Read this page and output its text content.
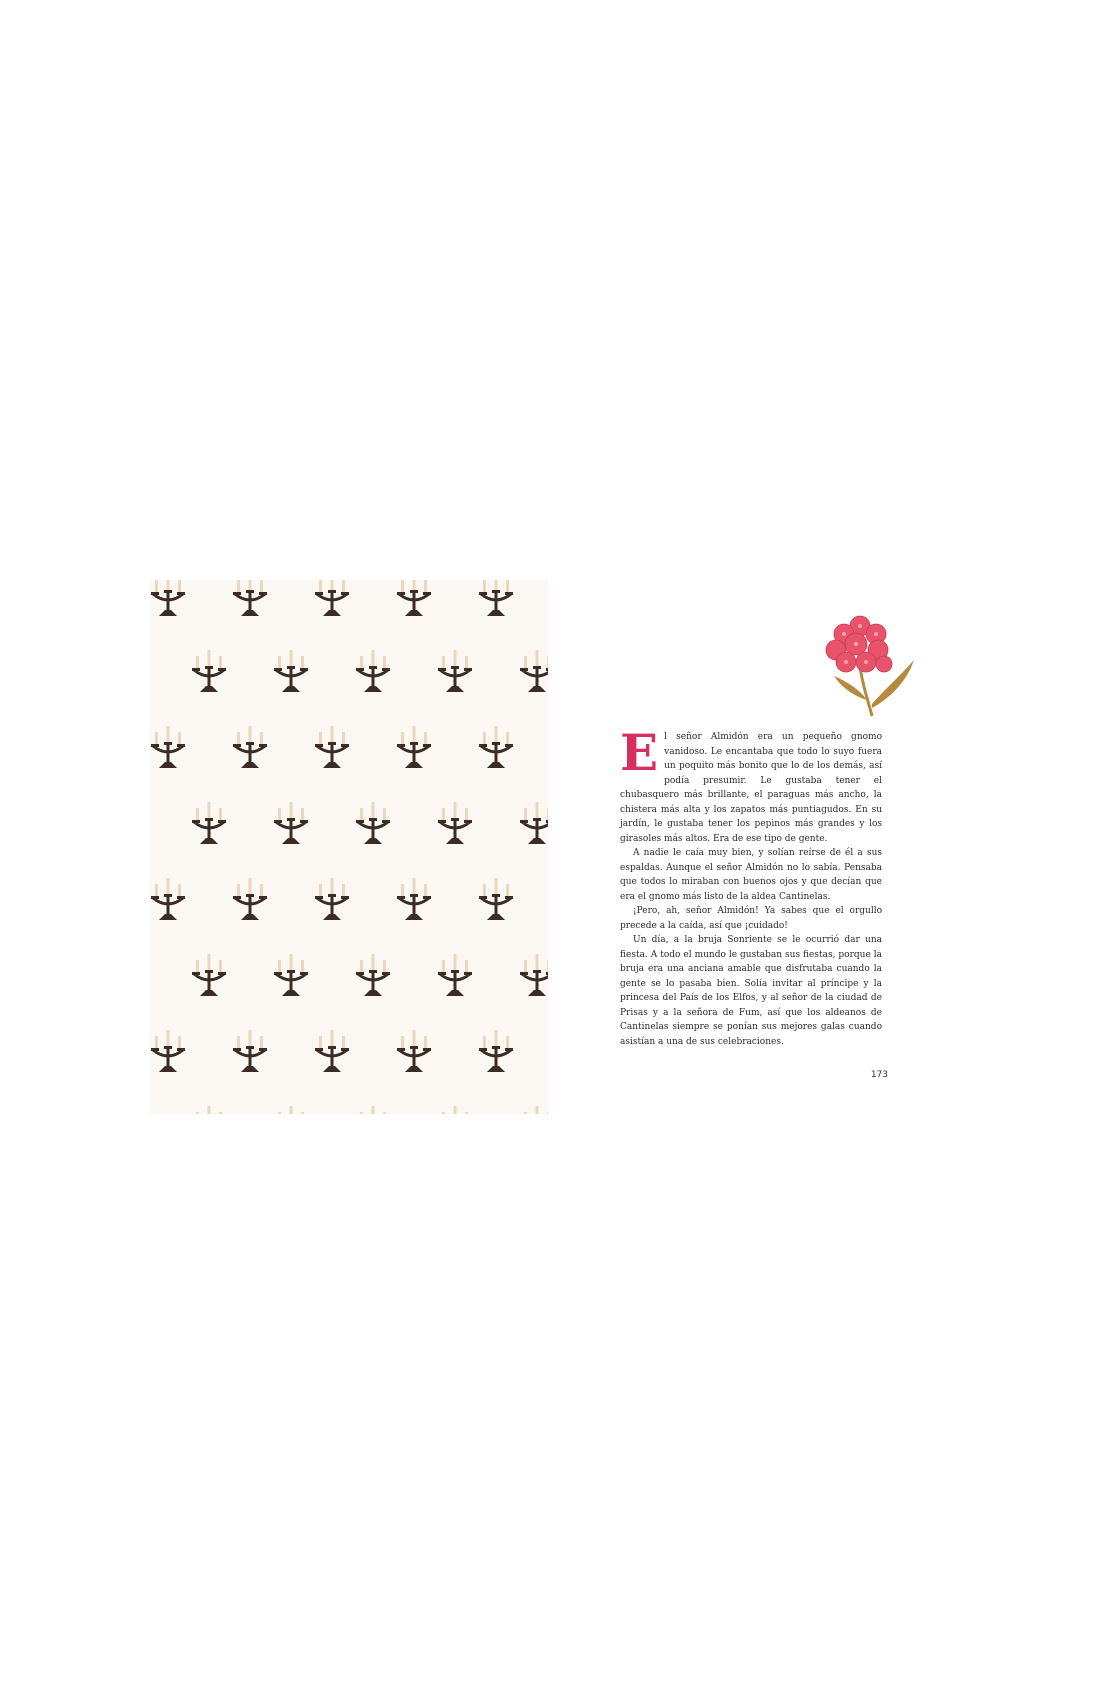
El señor Almidón era un pequeño gnomo vanidoso. Le encantaba que todo lo suyo fuera un poquito más bonito que lo de los demás, así podía presumir. Le gustaba tener el chubasquero más brillante, el paraguas más ancho, la chistera más alta y los zapatos más puntiagudos. En su jardín, le gustaba tener los pepinos más grandes y los girasoles más altos. Era de ese tipo de gente.

A nadie le caía muy bien, y solían reírse de él a sus espaldas. Aunque el señor Almidón no lo sabía. Pensaba que todos lo miraban con buenos ojos y que decían que era el gnomo más listo de la aldea Cantinelas.

¡Pero, ah, señor Almidón! Ya sabes que el orgullo precede a la caída, así que ¡cuidado!

Un día, a la bruja Sonriente se le ocurrió dar una fiesta. A todo el mundo le gustaban sus fiestas, porque la bruja era una anciana amable que disfrutaba cuando la gente se lo pasaba bien. Solía invitar al príncipe y la princesa del País de los Elfos, y al señor de la ciudad de Prisas y a la señora de Fum, así que los aldeanos de Cantinelas siempre se ponían sus mejores galas cuando asistían a una de sus celebraciones.

173
